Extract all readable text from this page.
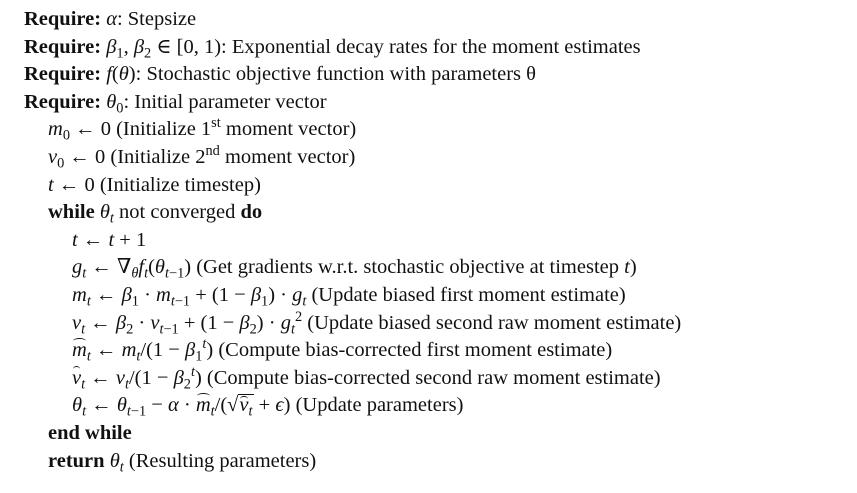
Require: α: Stepsize
Require: $\beta_1$, $\beta_2$ ∈ [0, 1): Exponential decay rates for the moment estimates
Require: f(θ): Stochastic objective function with parameters θ
Require: $\theta_0$: Initial parameter vector
$m_0$ ← 0 (Initialize 1st moment vector)
$v_0$ ← 0 (Initialize 2nd moment vector)
t ← 0 (Initialize timestep)
while $\theta_t$ not converged do
t ← t + 1
$g_t$ ← $\nabla_\theta f_t(\theta_{t-1})$ (Get gradients w.r.t. stochastic objective at timestep t)
$m_t$ ← $\beta_1 \cdot m_{t-1} + (1 - \beta_1) \cdot g_t$ (Update biased first moment estimate)
$v_t$ ← $\beta_2 \cdot v_{t-1} + (1 - \beta_2) \cdot g_t^2$ (Update biased second raw moment estimate)
$m_t$ ← $m_t/(1 - \beta_1^t)$ (Compute bias-corrected first moment estimate)
$v_t$ ← $v_t/(1 - \beta_2^t)$ (Compute bias-corrected second raw moment estimate)
$\theta_t$ ← $\theta_{t-1} - \alpha \cdot m_t/(√v_t + \epsilon)$ (Update parameters)
end while
return $\theta_t$ (Resulting parameters)
